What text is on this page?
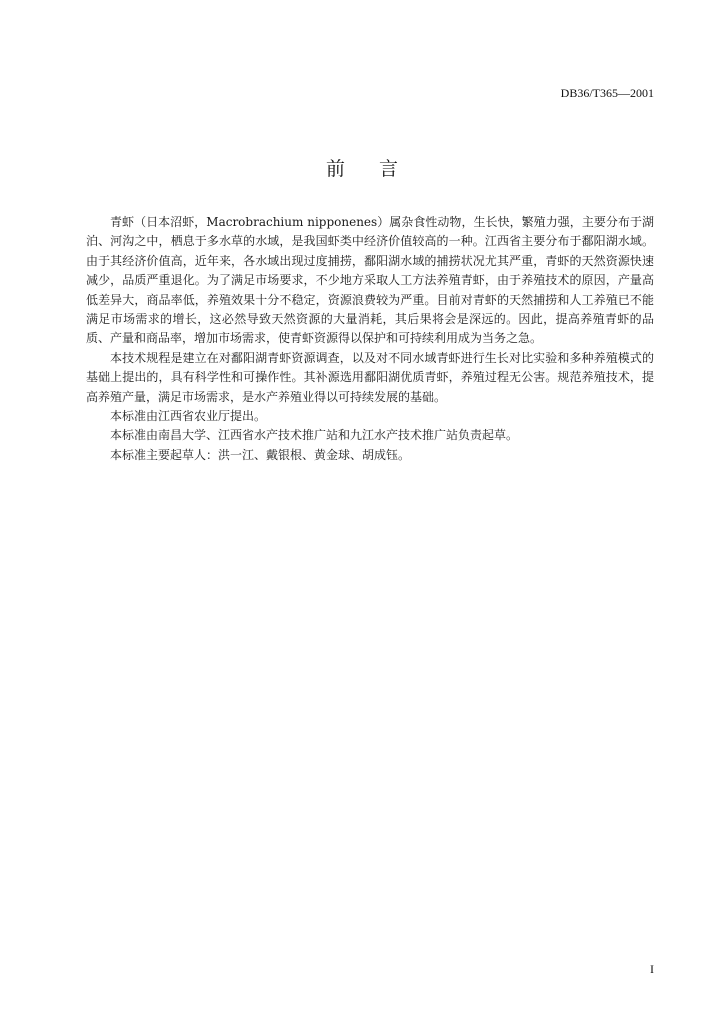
DB36/T365—2001
前言

青虾（日本沼虾，Macrobrachium nipponenes）属杂食性动物，生长快，繁殖力强，主要分布于湖泊、河沟之中，栖息于多水草的水域，是我国虾类中经济价值较高的一种。江西省主要分布于鄱阳湖水域。由于其经济价值高，近年来，各水域出现过度捕捞，鄱阳湖水域的捕捞状况尤其严重，青虾的天然资源快速减少，品质严重退化。为了满足市场要求，不少地方采取人工方法养殖青虾，由于养殖技术的原因，产量高低差异大，商品率低，养殖效果十分不稳定，资源浪费较为严重。目前对青虾的天然捕捞和人工养殖已不能满足市场需求的增长，这必然导致天然资源的大量消耗，其后果将会是深远的。因此，提高养殖青虾的品质、产量和商品率，增加市场需求，使青虾资源得以保护和可持续利用成为当务之急。

本技术规程是建立在对鄱阳湖青虾资源调查，以及对不同水域青虾进行生长对比实验和多种养殖模式的基础上提出的，具有科学性和可操作性。其补源选用鄱阳湖优质青虾，养殖过程无公害。规范养殖技术，提高养殖产量，满足市场需求，是水产养殖业得以可持续发展的基础。

本标准由江西省农业厅提出。

本标准由南昌大学、江西省水产技术推广站和九江水产技术推广站负责起草。

本标准主要起草人：洪一江、戴银根、黄金球、胡成钰。

I
